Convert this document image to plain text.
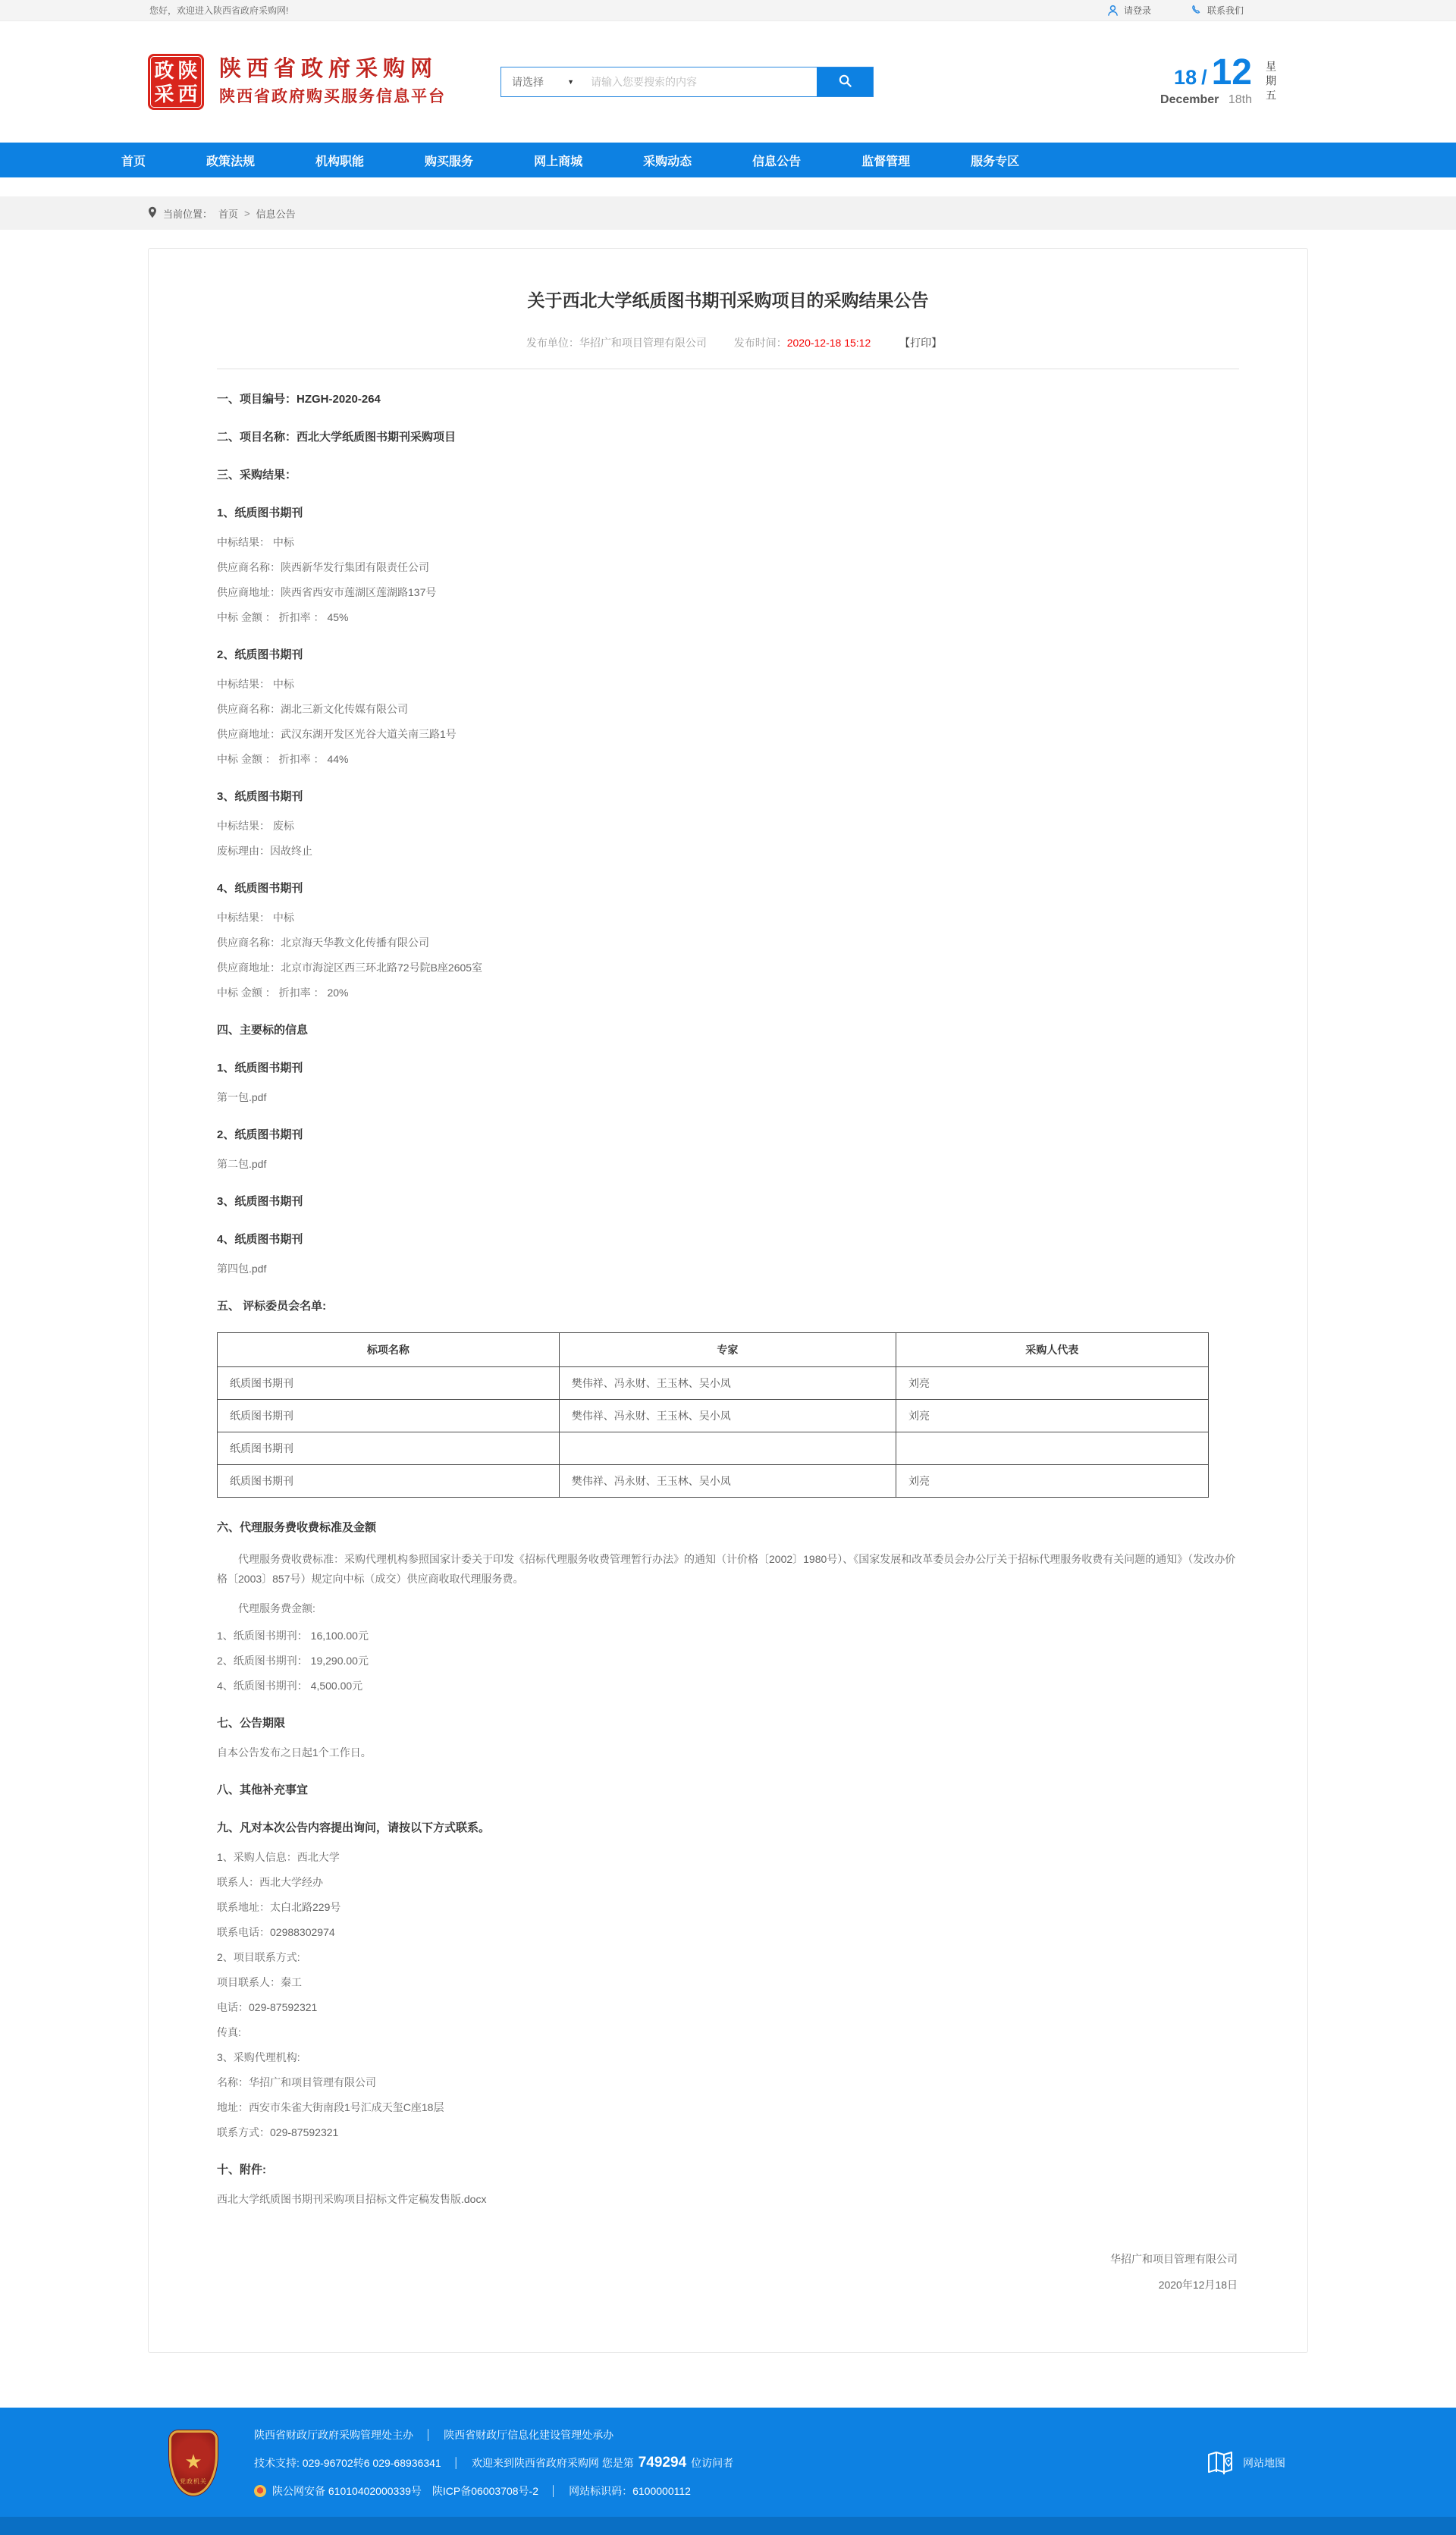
您好，欢迎进入陕西省政府采购网!	请登录	联系我们
政 陕
采 西
陕西省政府采购网
陕西省政府购买服务信息平台
请选择	▼
请输入您要搜索的内容	18 / 12
December 18th 星期五
首页	政策法规	机构职能	购买服务	网上商城	采购动态	信息公告	监督管理	服务专区
当前位置： 首页 > 信息公告
关于西北大学纸质图书期刊采购项目的采购结果公告
发布单位：华招广和项目管理有限公司	发布时间：2020-12-18 15:12	【打印】
一、项目编号：HZGH-2020-264
二、项目名称：西北大学纸质图书期刊采购项目
三、采购结果：
1、纸质图书期刊
中标结果： 中标
供应商名称：陕西新华发行集团有限责任公司
供应商地址：陕西省西安市莲湖区莲湖路137号
中标 金额 ： 折扣率 ： 45%
2、纸质图书期刊
中标结果： 中标
供应商名称：湖北三新文化传媒有限公司
供应商地址：武汉东湖开发区光谷大道关南三路1号
中标 金额 ： 折扣率 ： 44%
3、纸质图书期刊
中标结果： 废标
废标理由：因故终止
4、纸质图书期刊
中标结果： 中标
供应商名称：北京海天华教文化传播有限公司
供应商地址：北京市海淀区西三环北路72号院B座2605室
中标 金额 ： 折扣率 ： 20%
四、主要标的信息
1、纸质图书期刊
第一包.pdf
2、纸质图书期刊
第二包.pdf
3、纸质图书期刊
4、纸质图书期刊
第四包.pdf
五、 评标委员会名单:
标项名称	专家	采购人代表
纸质图书期刊	樊伟祥、冯永财、王玉林、吴小凤	刘亮
纸质图书期刊	樊伟祥、冯永财、王玉林、吴小凤	刘亮
纸质图书期刊		
纸质图书期刊	樊伟祥、冯永财、王玉林、吴小凤	刘亮
六、代理服务费收费标准及金额
代理服务费收费标准：采购代理机构参照国家计委关于印发《招标代理服务收费管理暂行办法》的通知（计价格〔2002〕1980号）、《国家发展和改革委员会办公厅关于招标代理服务收费有关问题的通知》（发改办价格〔2003〕857号）规定向中标（成交）供应商收取代理服务费。
代理服务费金额:
1、纸质图书期刊： 16,100.00元
2、纸质图书期刊： 19,290.00元
4、纸质图书期刊： 4,500.00元
七、公告期限
自本公告发布之日起1个工作日。
八、其他补充事宜
九、凡对本次公告内容提出询问，请按以下方式联系。
1、采购人信息：西北大学
联系人：西北大学经办
联系地址：太白北路229号
联系电话：02988302974
2、项目联系方式:
项目联系人：秦工
电话：029-87592321
传真:
3、采购代理机构:
名称：华招广和项目管理有限公司
地址：西安市朱雀大街南段1号汇成天玺C座18层
联系方式：029-87592321
十、附件:
西北大学纸质图书期刊采购项目招标文件定稿发售版.docx
华招广和项目管理有限公司
2020年12月18日
★
党政机关
陕西省财政厅政府采购管理处主办 │ 陕西省财政厅信息化建设管理处承办
技术支持: 029-96702转6 029-68936341 │ 欢迎来到陕西省政府采购网 您是第 749294 位访问者
陕公网安备 61010402000339号 陕ICP备06003708号-2 │ 网站标识码：6100000112
网站地图
